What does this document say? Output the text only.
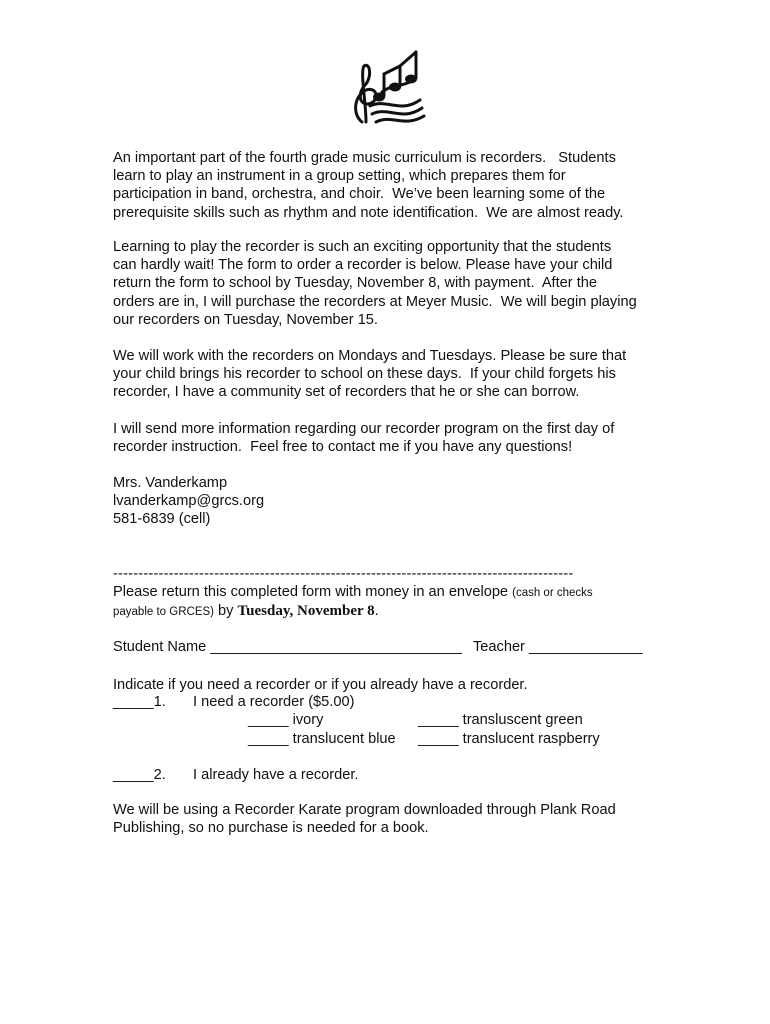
An important part of the fourth grade music curriculum is recorders.   Students
learn to play an instrument in a group setting, which prepares them for
participation in band, orchestra, and choir.  We’ve been learning some of the
prerequisite skills such as rhythm and note identification.  We are almost ready.

Learning to play the recorder is such an exciting opportunity that the students
can hardly wait! The form to order a recorder is below. Please have your child
return the form to school by Tuesday, November 8, with payment.  After the
orders are in, I will purchase the recorders at Meyer Music.  We will begin playing
our recorders on Tuesday, November 15.

We will work with the recorders on Mondays and Tuesdays. Please be sure that
your child brings his recorder to school on these days.  If your child forgets his
recorder, I have a community set of recorders that he or she can borrow.

I will send more information regarding our recorder program on the first day of
recorder instruction.  Feel free to contact me if you have any questions!

Mrs. Vanderkamp
lvanderkamp@grcs.org
581-6839 (cell)

-------------------------------------------------------------------------------------------
Please return this completed form with money in an envelope (cash or checks
payable to GRCES) by Tuesday, November 8.
Student Name _______________________________ Teacher ______________
Indicate if you need a recorder or if you already have a recorder.
_____1. I need a recorder ($5.00)
_____ ivory	_____ transluscent green
_____ translucent blue _____ translucent raspberry
_____2. I already have a recorder.

We will be using a Recorder Karate program downloaded through Plank Road
Publishing, so no purchase is needed for a book.
